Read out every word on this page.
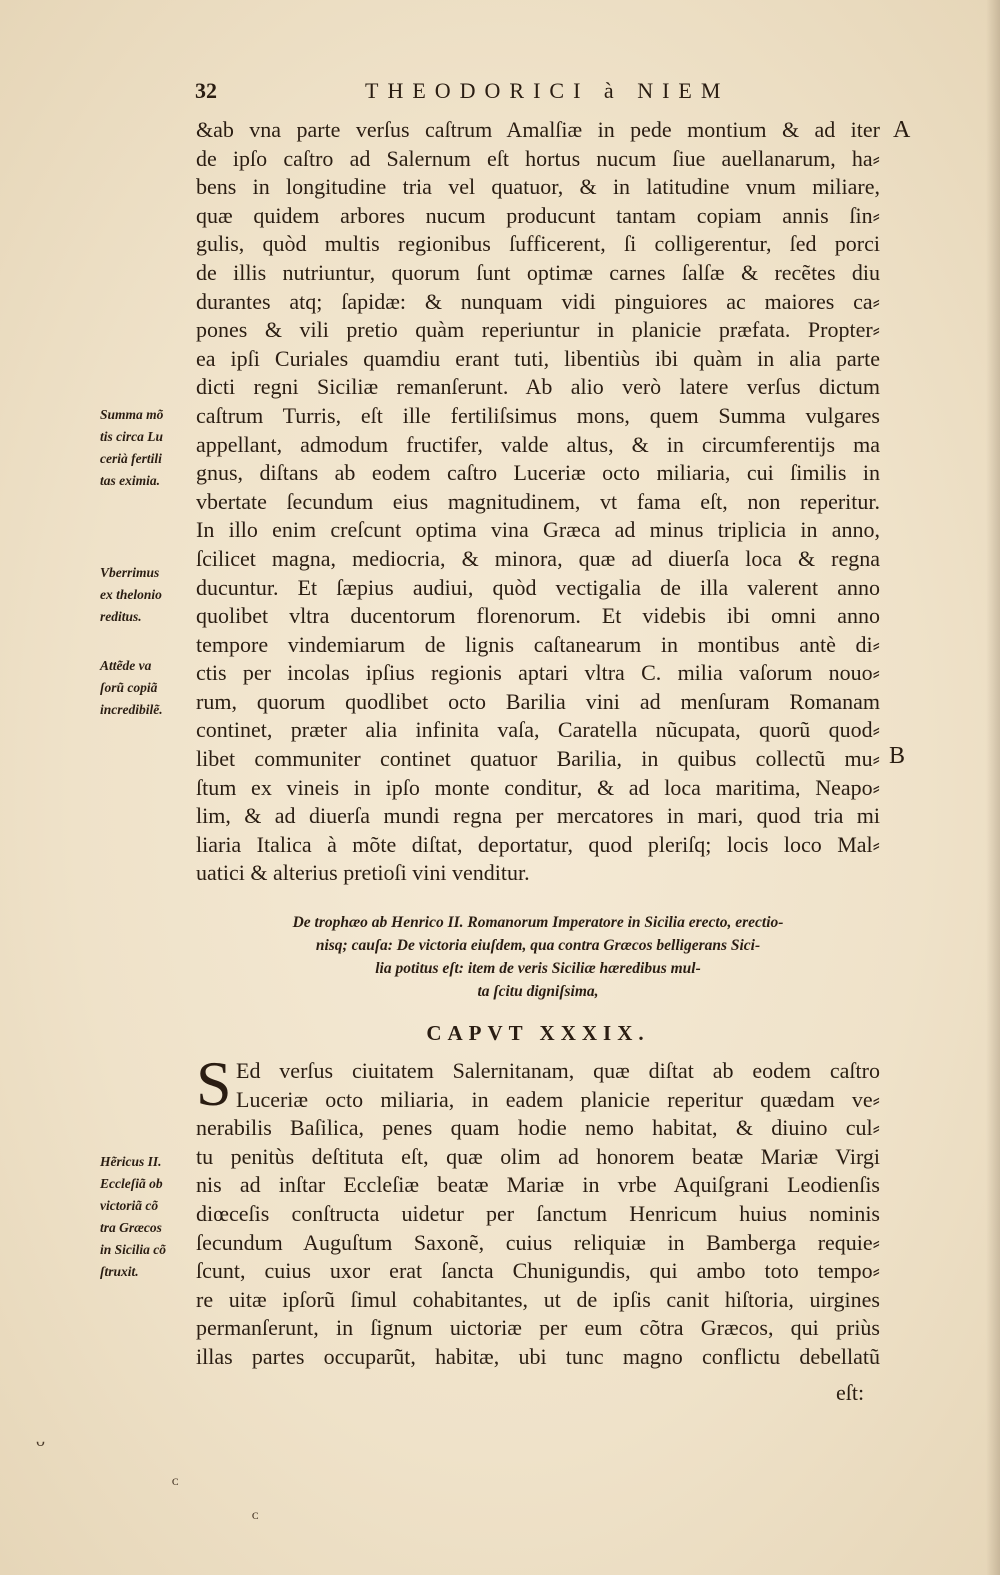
32	THEODORICI à NIEM
A
B
&ab vna parte verſus caſtrum Amalſiæ in pede montium & ad iter
de ipſo caſtro ad Salernum eſt hortus nucum ſiue auellanarum, ha⸗
bens in longitudine tria vel quatuor, & in latitudine vnum miliare,
quæ quidem arbores nucum producunt tantam copiam annis ſin⸗
gulis, quòd multis regionibus ſufficerent, ſi colligerentur, ſed porci
de illis nutriuntur, quorum ſunt optimæ carnes ſalſæ & recẽtes diu
durantes atq; ſapidæ: & nunquam vidi pinguiores ac maiores ca⸗
pones & vili pretio quàm reperiuntur in planicie præfata. Propter⸗
ea ipſi Curiales quamdiu erant tuti, libentiùs ibi quàm in alia parte
dicti regni Siciliæ remanſerunt. Ab alio verò latere verſus dictum
caſtrum Turris, eſt ille fertiliſsimus mons, quem Summa vulgares
appellant, admodum fructifer, valde altus, & in circumferentijs ma
gnus, diſtans ab eodem caſtro Luceriæ octo miliaria, cui ſimilis in
vbertate ſecundum eius magnitudinem, vt fama eſt, non reperitur.
In illo enim creſcunt optima vina Græca ad minus triplicia in anno,
ſcilicet magna, mediocria, & minora, quæ ad diuerſa loca & regna
ducuntur. Et ſæpius audiui, quòd vectigalia de illa valerent anno
quolibet vltra ducentorum florenorum. Et videbis ibi omni anno
tempore vindemiarum de lignis caſtanearum in montibus antè di⸗
ctis per incolas ipſius regionis aptari vltra C. milia vaſorum nouo⸗
rum, quorum quodlibet octo Barilia vini ad menſuram Romanam
continet, præter alia infinita vaſa, Caratella nũcupata, quorũ quod⸗
libet communiter continet quatuor Barilia, in quibus collectũ mu⸗
ſtum ex vineis in ipſo monte conditur, & ad loca maritima, Neapo⸗
lim, & ad diuerſa mundi regna per mercatores in mari, quod tria mi
liaria Italica à mõte diſtat, deportatur, quod pleriſq; locis loco Mal⸗
uatici & alterius pretioſi vini venditur.
Summa mõ
tis circa Lu
cerià fertili
tas eximia.
Vberrimus
ex thelonio
reditus.
Attẽde va
ſorũ copiã
incredibilẽ.
Hẽricus II.
Eccleſiã ob
victoriã cõ
tra Græcos
in Sicilia cõ
ſtruxit.
De trophæo ab Henrico II. Romanorum Imperatore in Sicilia erecto, erectio-
nisq; cauſa: De victoria eiuſdem, qua contra Græcos belligerans Sici-
lia potitus eſt: item de veris Siciliæ hæredibus mul-
ta ſcitu digniſsima,
CAPVT XXXIX.
S Ed verſus ciuitatem Salernitanam, quæ diſtat ab eodem caſtro
Luceriæ octo miliaria, in eadem planicie reperitur quædam ve⸗
nerabilis Baſilica, penes quam hodie nemo habitat, & diuino cul⸗
tu penitùs deſtituta eſt, quæ olim ad honorem beatæ Mariæ Virgi
nis ad inſtar Eccleſiæ beatæ Mariæ in vrbe Aquiſgrani Leodienſis
diœceſis conſtructa uidetur per ſanctum Henricum huius nominis
ſecundum Auguſtum Saxonẽ, cuius reliquiæ in Bamberga requie⸗
ſcunt, cuius uxor erat ſancta Chunigundis, qui ambo toto tempo⸗
re uitæ ipſorũ ſimul cohabitantes, ut de ipſis canit hiſtoria, uirgines
permanſerunt, in ſignum uictoriæ per eum cõtra Græcos, qui priùs
illas partes occuparũt, habitæ, ubi tunc magno conflictu debellatũ
eſt:
ᴗ
ᴄ
ᴄ
